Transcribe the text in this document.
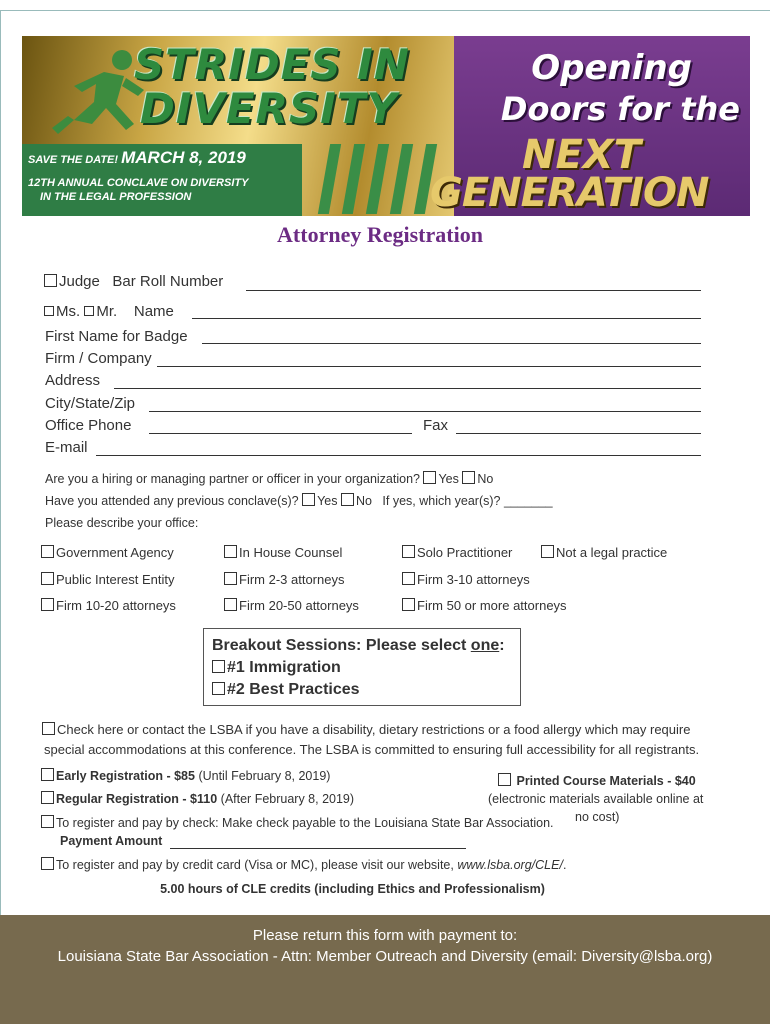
STRIDES IN
DIVERSITY
SAVE THE DATE! MARCH 8, 2019
12TH ANNUAL CONCLAVE ON DIVERSITY
IN THE LEGAL PROFESSION
Opening
Doors for the
NEXT
GENERATION
Attorney Registration
Judge Bar Roll Number
Ms. Mr. Name
First Name for Badge
Firm / Company
Address
City/State/Zip
Office Phone	Fax
E-mail
Are you a hiring or managing partner or officer in your organization? Yes No
Have you attended any previous conclave(s)? Yes No If yes, which year(s)? _______
Please describe your office:
Government Agency	In House Counsel	Solo Practitioner	Not a legal practice
Public Interest Entity	Firm 2-3 attorneys	Firm 3-10 attorneys
Firm 10-20 attorneys	Firm 20-50 attorneys	Firm 50 or more attorneys
Breakout Sessions: Please select one:
#1 Immigration
#2 Best Practices
Check here or contact the LSBA if you have a disability, dietary restrictions or a food allergy which may require
special accommodations at this conference. The LSBA is committed to ensuring full accessibility for all registrants.
Early Registration - $85 (Until February 8, 2019)	Printed Course Materials - $40
Regular Registration - $110 (After February 8, 2019)	(electronic materials available online at
no cost)
To register and pay by check: Make check payable to the Louisiana State Bar Association.
Payment Amount
To register and pay by credit card (Visa or MC), please visit our website, www.lsba.org/CLE/.
5.00 hours of CLE credits (including Ethics and Professionalism)
Please return this form with payment to:
Louisiana State Bar Association - Attn: Member Outreach and Diversity (email: Diversity@lsba.org)
